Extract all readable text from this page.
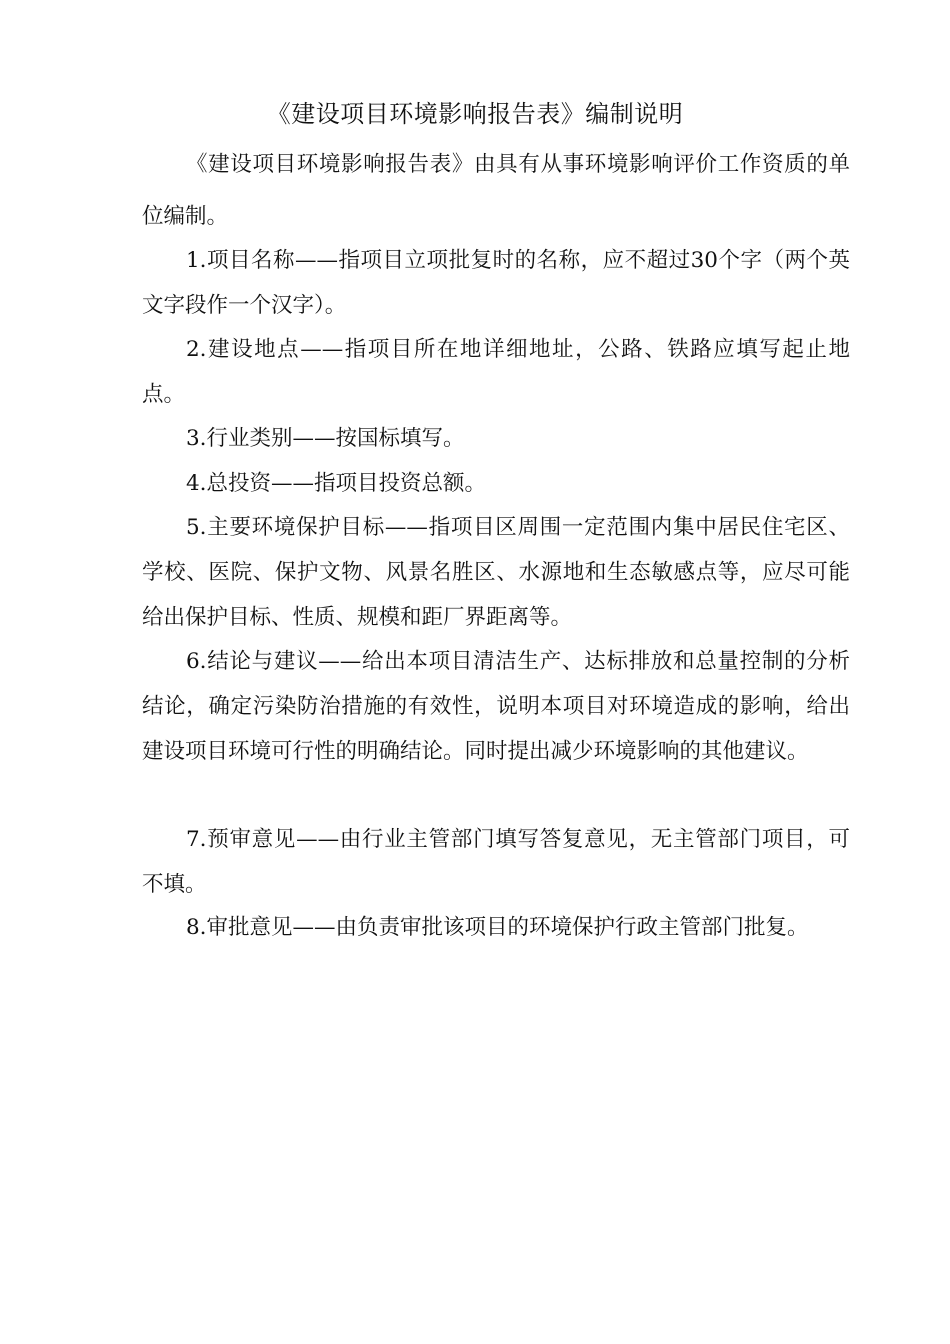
《建设项目环境影响报告表》编制说明

《建设项目环境影响报告表》由具有从事环境影响评价工作资质的单位编制。

1.项目名称——指项目立项批复时的名称，应不超过30个字（两个英文字段作一个汉字）。

2.建设地点——指项目所在地详细地址，公路、铁路应填写起止地点。

3.行业类别——按国标填写。

4.总投资——指项目投资总额。

5.主要环境保护目标——指项目区周围一定范围内集中居民住宅区、学校、医院、保护文物、风景名胜区、水源地和生态敏感点等，应尽可能给出保护目标、性质、规模和距厂界距离等。

6.结论与建议——给出本项目清洁生产、达标排放和总量控制的分析结论，确定污染防治措施的有效性，说明本项目对环境造成的影响，给出建设项目环境可行性的明确结论。同时提出减少环境影响的其他建议。

7.预审意见——由行业主管部门填写答复意见，无主管部门项目，可不填。

8.审批意见——由负责审批该项目的环境保护行政主管部门批复。
